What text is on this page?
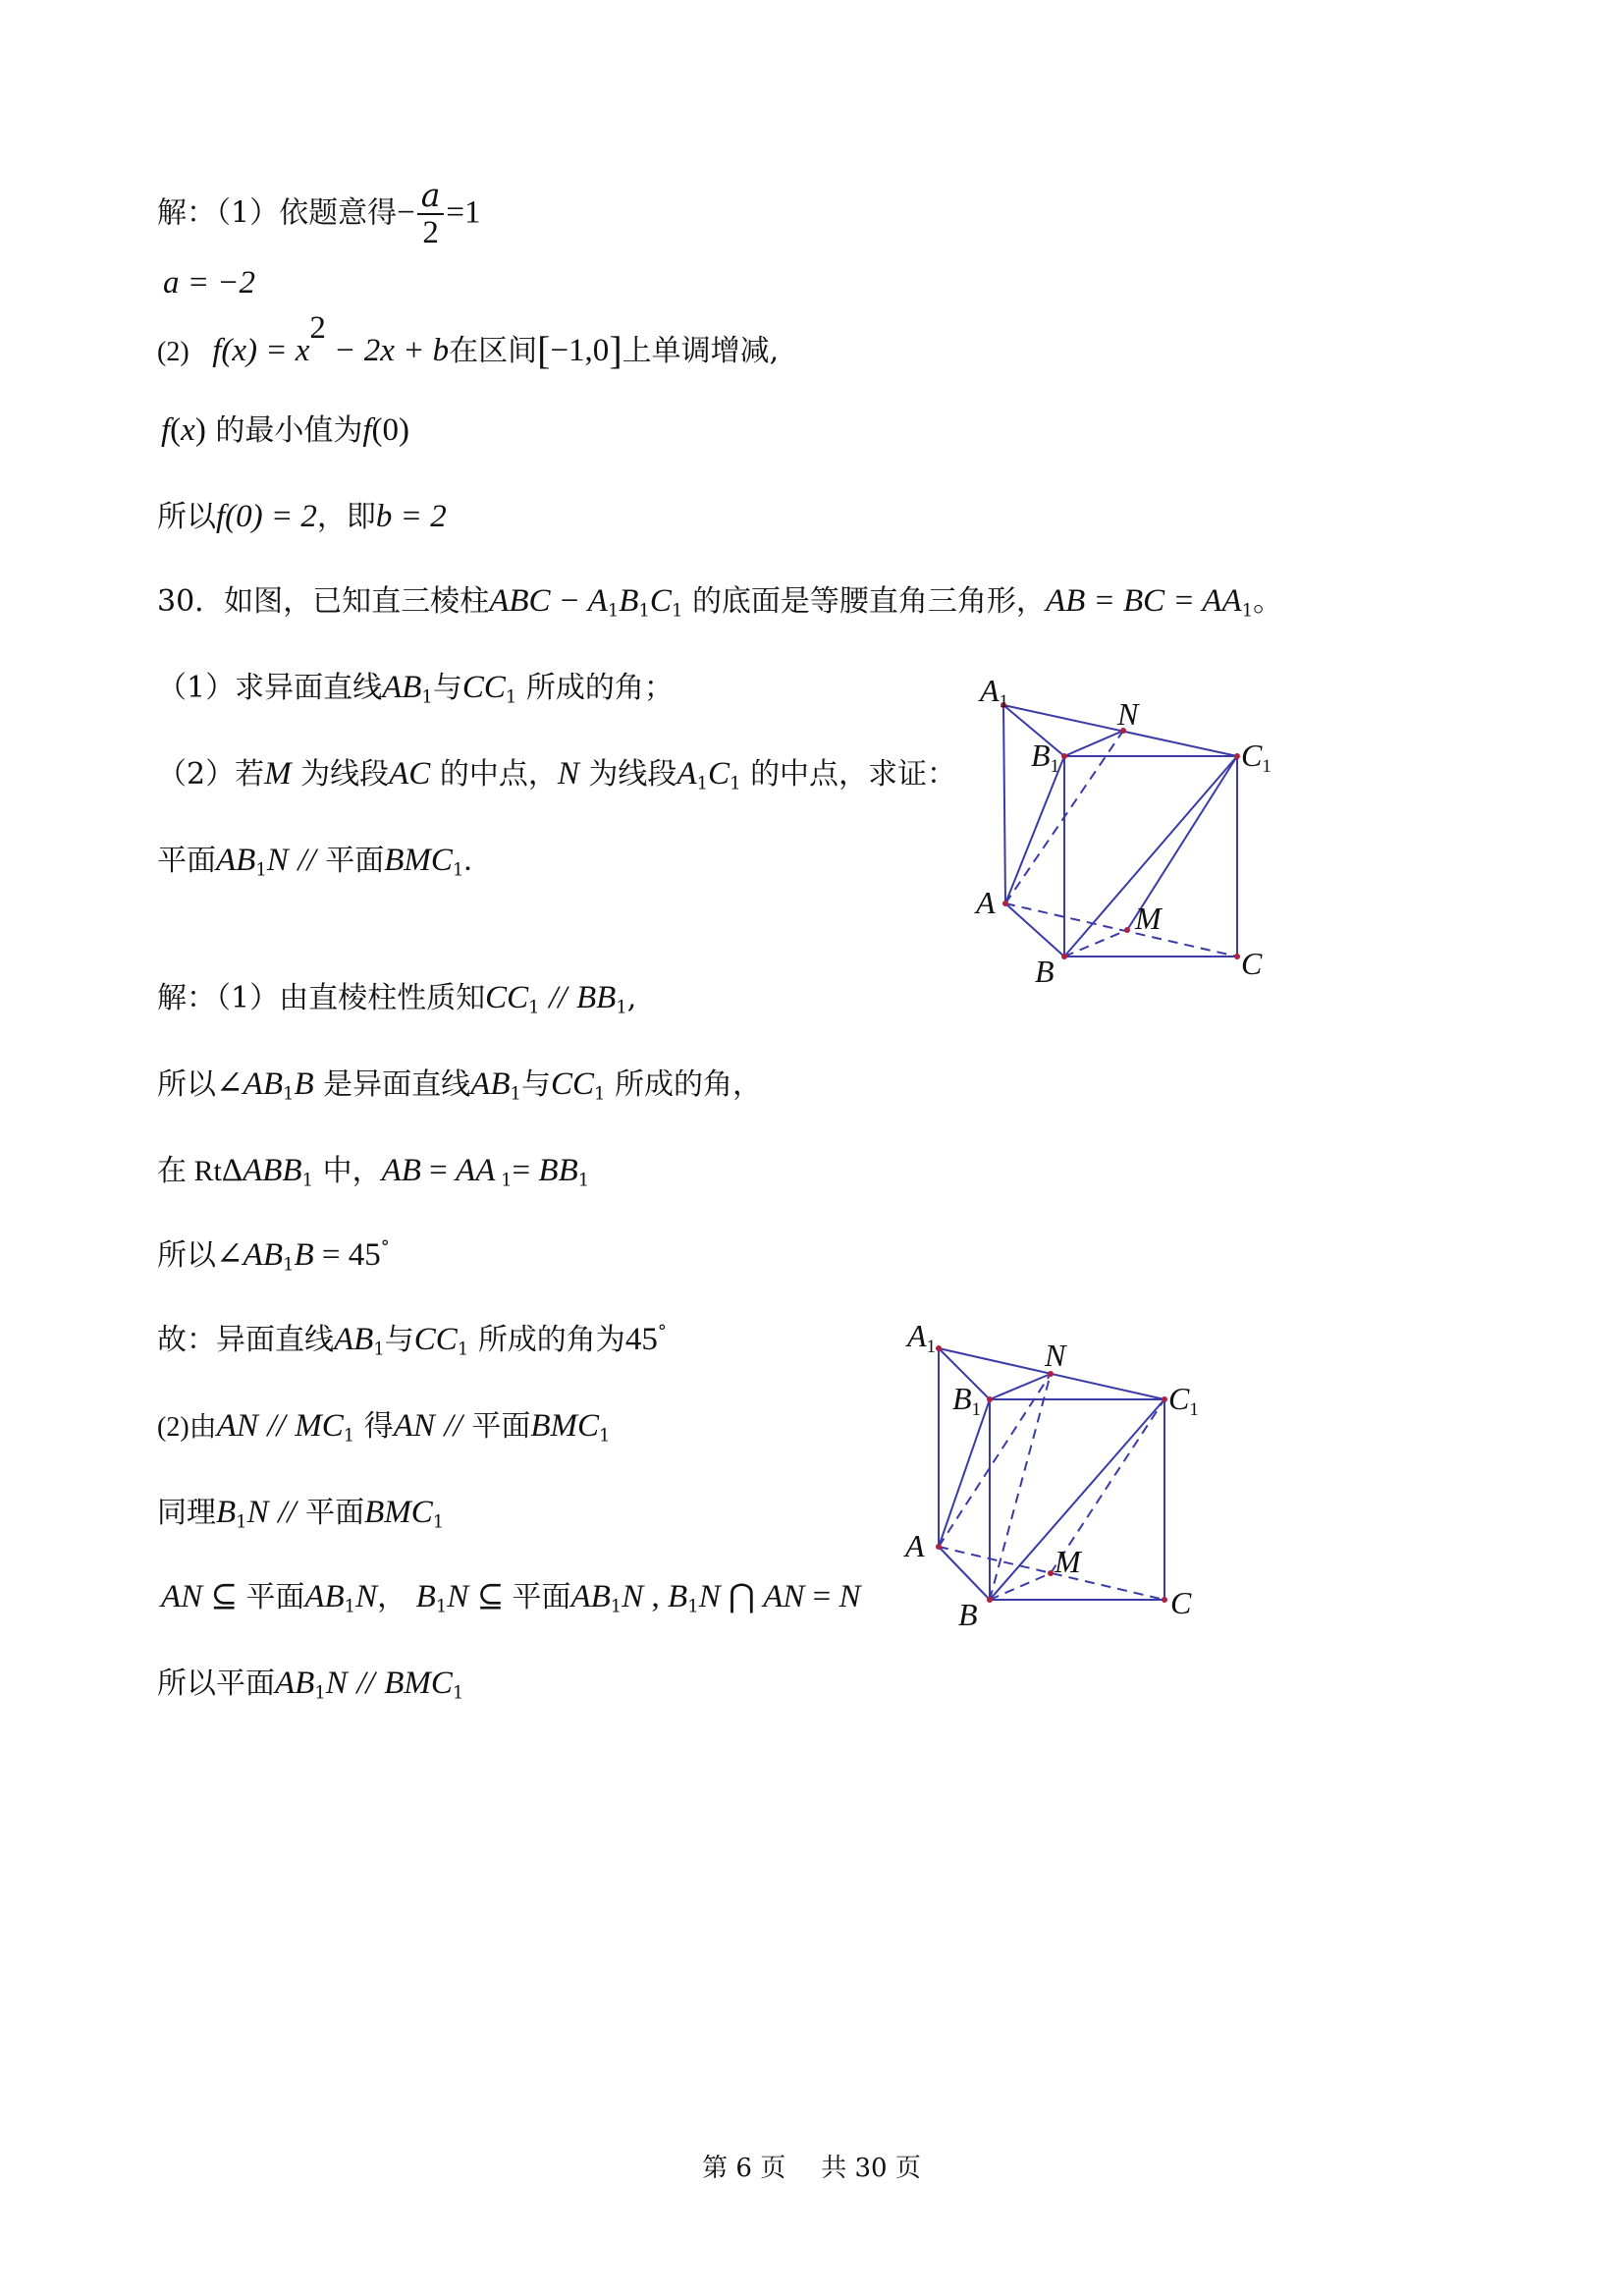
解：（1）依题意得− $\frac{a}{2} =1$
a = −2
(2) $f(x) = x^2 - 2x + b$在区间[−1,0]上单调增减,
f(x) 的最小值为f(0)
所以f(0) = 2，即b = 2
30．如图，已知直三棱柱ABC − $A_1B_1C_1$ 的底面是等腰直角三角形，AB = BC = $AA_1$。
（1）求异面直线$AB_1$与$CC_1$ 所成的角；
（2）若M 为线段AC 的中点，N 为线段$A_1C_1$ 的中点，求证：
平面$AB_1N$ // 平面$BMC_1$.
解：（1）由直棱柱性质知$CC_1 // BB_1$,
所以$\angle AB_1B$ 是异面直线$AB_1$与$CC_1$ 所成的角，
在 RtΔABB$_1$ 中，AB = AA $_1= BB_1$
所以$\angle AB_1B = 45^\circ$
故：异面直线$AB_1$与$CC_1$ 所成的角为45°
(2)由AN // $MC_1$ 得AN // 平面$BMC_1$
同理$B_1N$ // 平面$BMC_1$
AN ⊆ 平面$AB_1N$， $B_1N$ ⊆ 平面$AB_1N$ , $B_1N$ ⋂ AN = N
所以平面$AB_1N // BMC_1$
A1	N
B1	C1
A	M
B	C
A1	N
B1	C1
A	M
B	C
第 6 页 共 30 页
